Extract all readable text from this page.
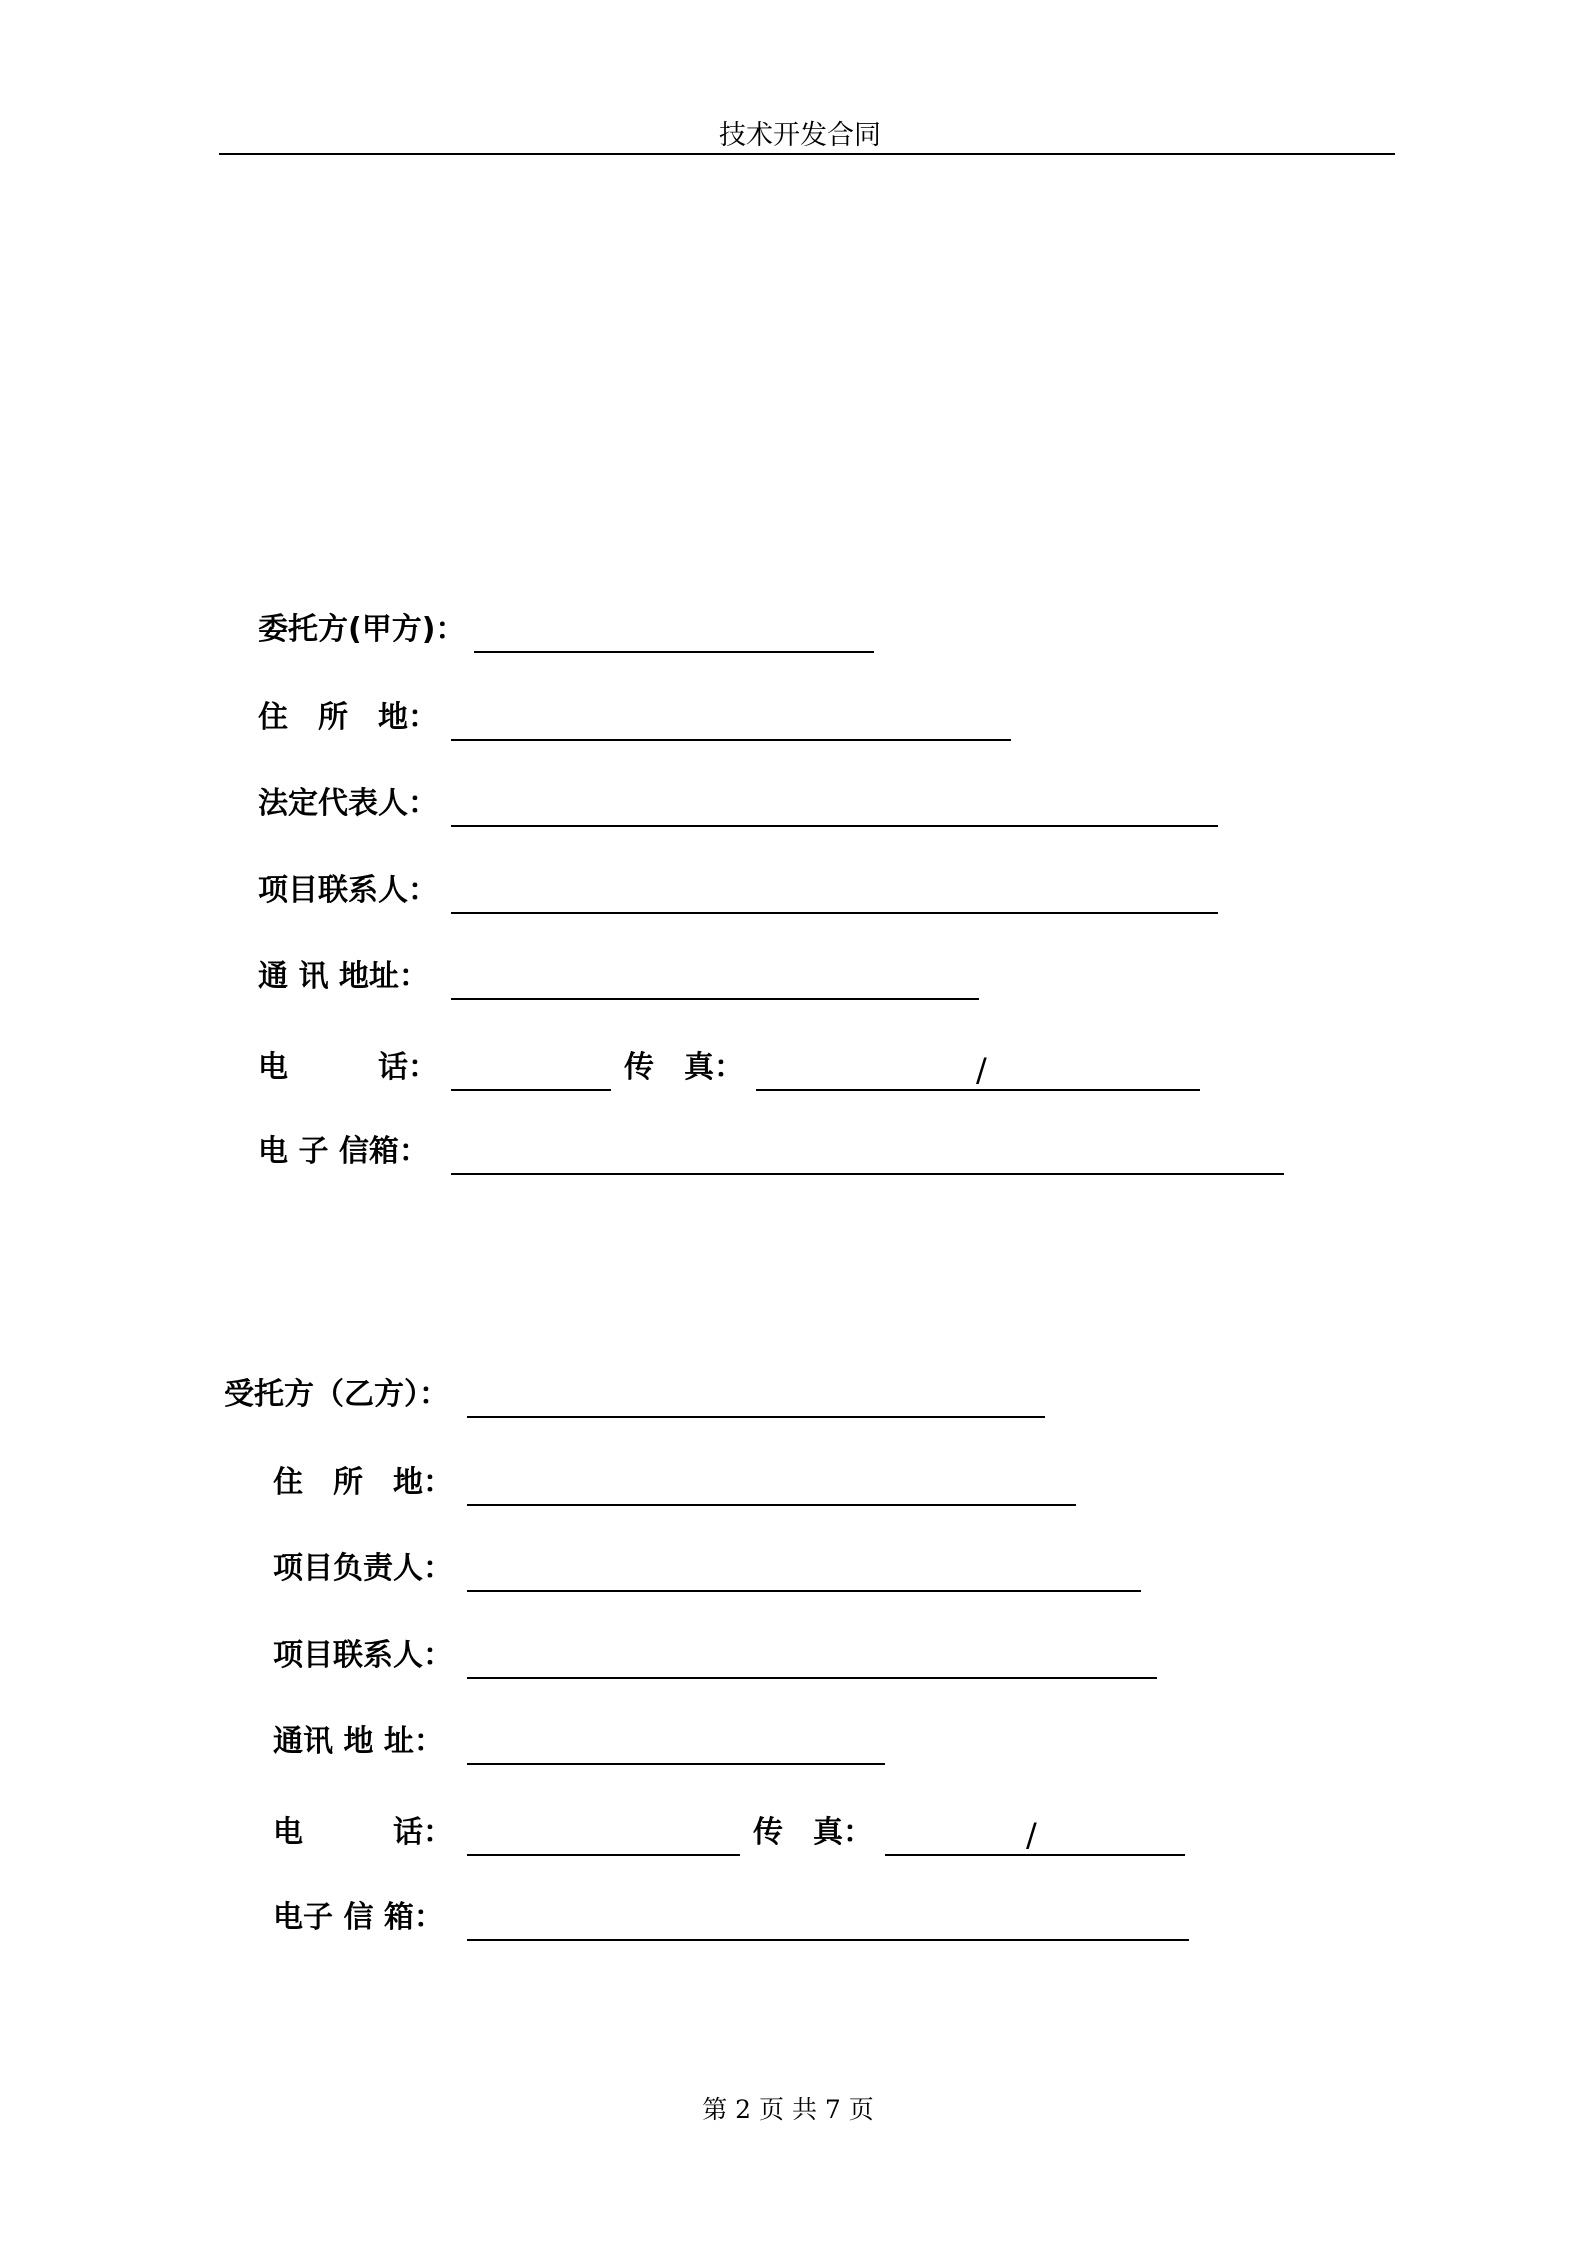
技术开发合同
委托方(甲方)：
住　所　地：
法定代表人：
项目联系人：
通 讯 地址：
电　　　话：	传　真：	/
电 子 信箱：
受托方（乙方）：
住　所　地：
项目负责人：
项目联系人：
通讯 地 址：
电　　　话：	传　真：	/
电子 信 箱：
第 2 页 共 7 页
